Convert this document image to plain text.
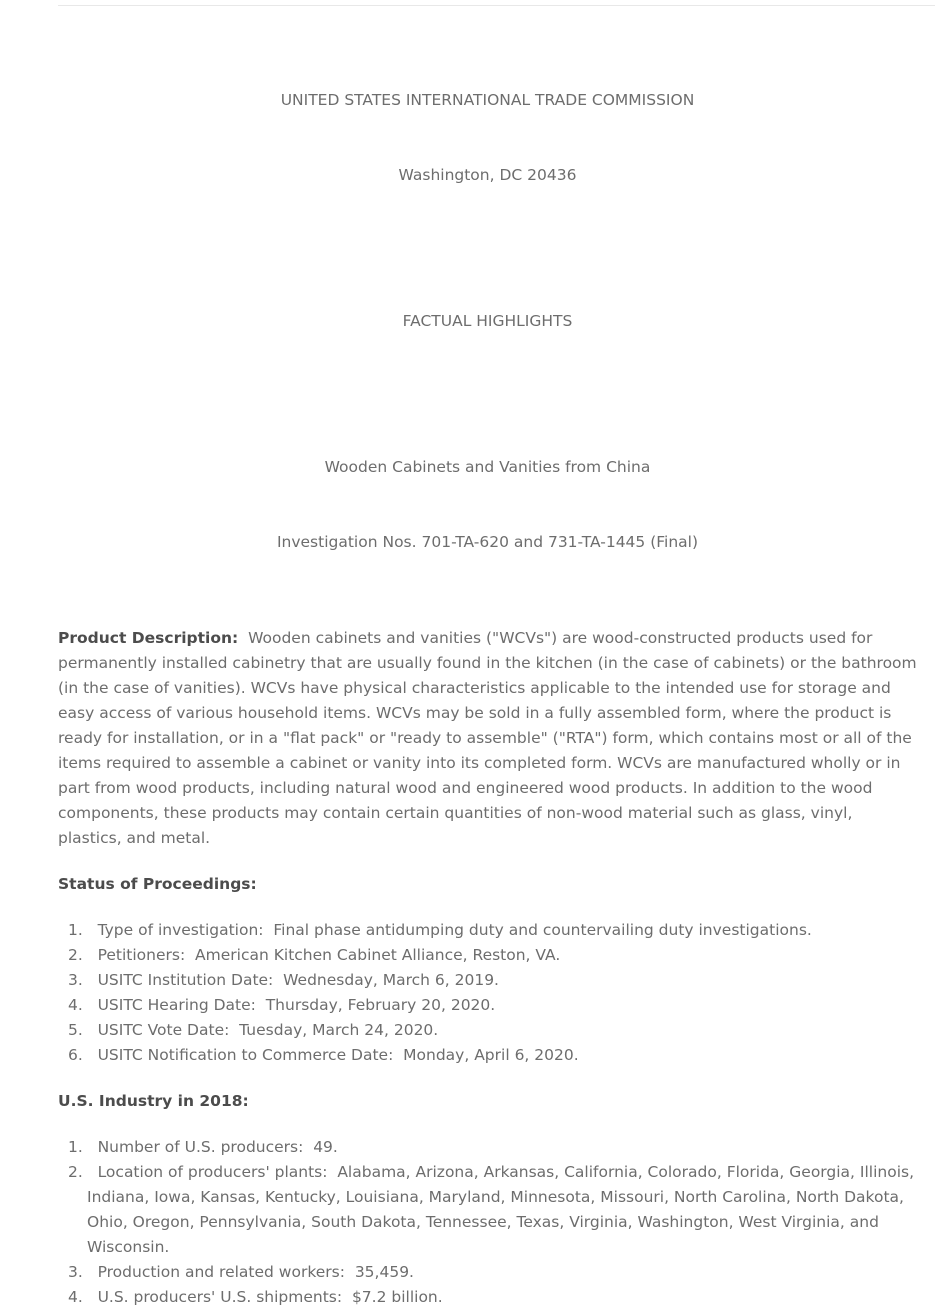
UNITED STATES INTERNATIONAL TRADE COMMISSION

Washington, DC 20436

FACTUAL HIGHLIGHTS

Wooden Cabinets and Vanities from China

Investigation Nos. 701-TA-620 and 731-TA-1445 (Final)

Product Description:  Wooden cabinets and vanities ("WCVs") are wood-constructed products used for permanently installed cabinetry that are usually found in the kitchen (in the case of cabinets) or the bathroom (in the case of vanities). WCVs have physical characteristics applicable to the intended use for storage and easy access of various household items. WCVs may be sold in a fully assembled form, where the product is ready for installation, or in a "flat pack" or "ready to assemble" ("RTA") form, which contains most or all of the items required to assemble a cabinet or vanity into its completed form. WCVs are manufactured wholly or in part from wood products, including natural wood and engineered wood products. In addition to the wood components, these products may contain certain quantities of non-wood material such as glass, vinyl, plastics, and metal.

Status of Proceedings:
1.   Type of investigation:  Final phase antidumping duty and countervailing duty investigations.
2.   Petitioners:  American Kitchen Cabinet Alliance, Reston, VA.
3.   USITC Institution Date:  Wednesday, March 6, 2019.
4.   USITC Hearing Date:  Thursday, February 20, 2020.
5.   USITC Vote Date:  Tuesday, March 24, 2020.
6.   USITC Notification to Commerce Date:  Monday, April 6, 2020.
U.S. Industry in 2018:
1.   Number of U.S. producers:  49.
2.   Location of producers' plants:  Alabama, Arizona, Arkansas, California, Colorado, Florida, Georgia, Illinois, Indiana, Iowa, Kansas, Kentucky, Louisiana, Maryland, Minnesota, Missouri, North Carolina, North Dakota, Ohio, Oregon, Pennsylvania, South Dakota, Tennessee, Texas, Virginia, Washington, West Virginia, and Wisconsin.
3.   Production and related workers:  35,459.
4.   U.S. producers' U.S. shipments:  $7.2 billion.
